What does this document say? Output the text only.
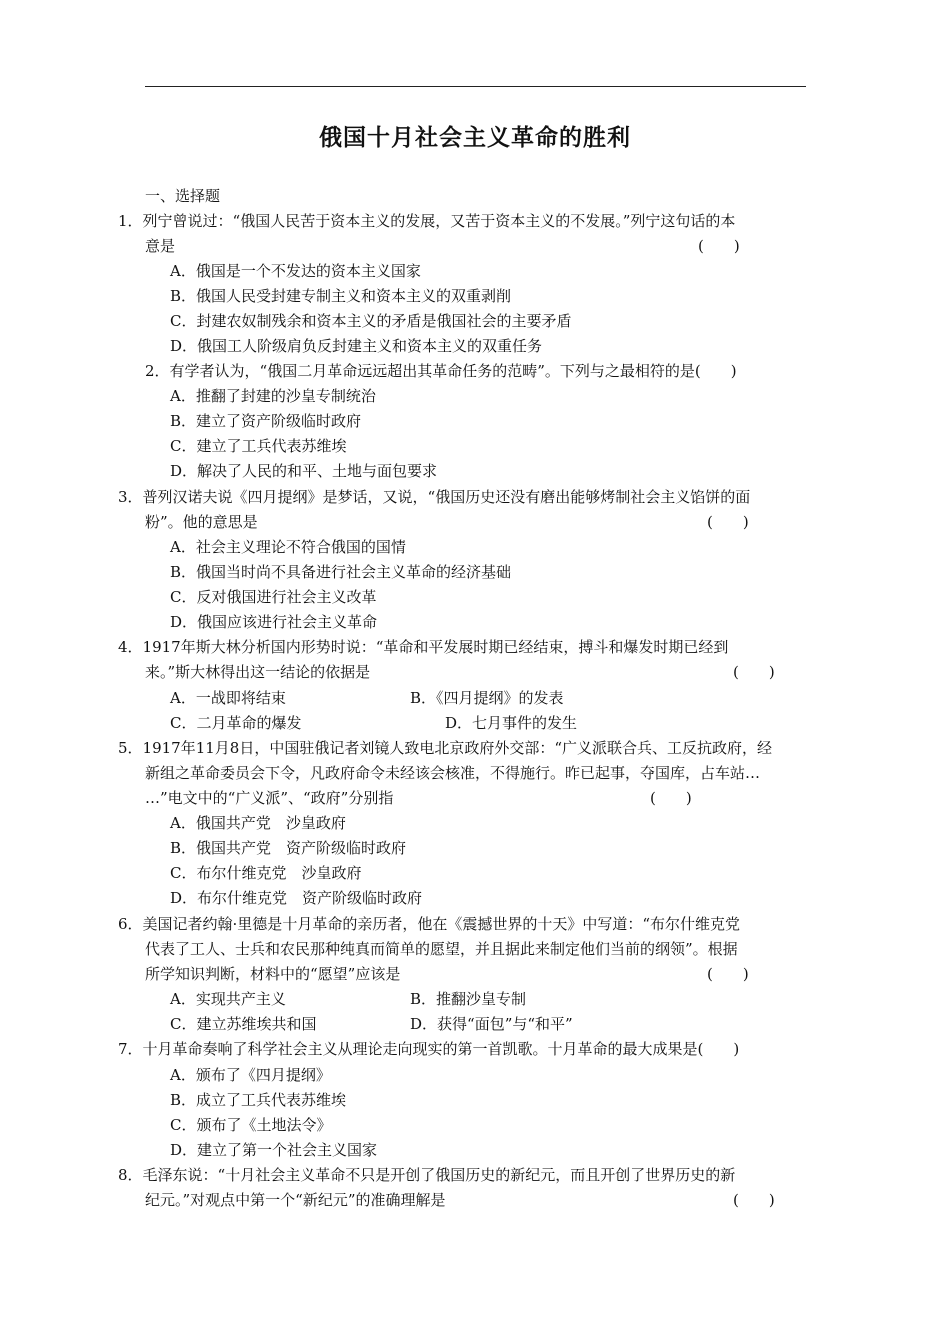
俄国十月社会主义革命的胜利
一、选择题
1．列宁曾说过：“俄国人民苦于资本主义的发展，又苦于资本主义的不发展。”列宁这句话的本
意是	(　　)
A．俄国是一个不发达的资本主义国家
B．俄国人民受封建专制主义和资本主义的双重剥削
C．封建农奴制残余和资本主义的矛盾是俄国社会的主要矛盾
D．俄国工人阶级肩负反封建主义和资本主义的双重任务
2．有学者认为，“俄国二月革命远远超出其革命任务的范畴”。下列与之最相符的是(　　)
A．推翻了封建的沙皇专制统治
B．建立了资产阶级临时政府
C．建立了工兵代表苏维埃
D．解决了人民的和平、土地与面包要求
3．普列汉诺夫说《四月提纲》是梦话，又说，“俄国历史还没有磨出能够烤制社会主义馅饼的面
粉”。他的意思是	(　　)
A．社会主义理论不符合俄国的国情
B．俄国当时尚不具备进行社会主义革命的经济基础
C．反对俄国进行社会主义改革
D．俄国应该进行社会主义革命
4．1917年斯大林分析国内形势时说：“革命和平发展时期已经结束，搏斗和爆发时期已经到
来。”斯大林得出这一结论的依据是	(　　)
A．一战即将结束	B．《四月提纲》的发表
C．二月革命的爆发	D．七月事件的发生
5．1917年11月8日，中国驻俄记者刘镜人致电北京政府外交部：“广义派联合兵、工反抗政府，经
新组之革命委员会下令，凡政府命令未经该会核准，不得施行。昨已起事，夺国库，占车站…
…”电文中的“广义派”、“政府”分别指	(　　)
A．俄国共产党　沙皇政府
B．俄国共产党　资产阶级临时政府
C．布尔什维克党　沙皇政府
D．布尔什维克党　资产阶级临时政府
6．美国记者约翰·里德是十月革命的亲历者，他在《震撼世界的十天》中写道：“布尔什维克党
代表了工人、士兵和农民那种纯真而简单的愿望，并且据此来制定他们当前的纲领”。根据
所学知识判断，材料中的“愿望”应该是	(　　)
A．实现共产主义	B．推翻沙皇专制
C．建立苏维埃共和国	D．获得“面包”与“和平”
7．十月革命奏响了科学社会主义从理论走向现实的第一首凯歌。十月革命的最大成果是(　　)
A．颁布了《四月提纲》
B．成立了工兵代表苏维埃
C．颁布了《土地法令》
D．建立了第一个社会主义国家
8．毛泽东说：“十月社会主义革命不只是开创了俄国历史的新纪元，而且开创了世界历史的新
纪元。”对观点中第一个“新纪元”的准确理解是	(　　)
